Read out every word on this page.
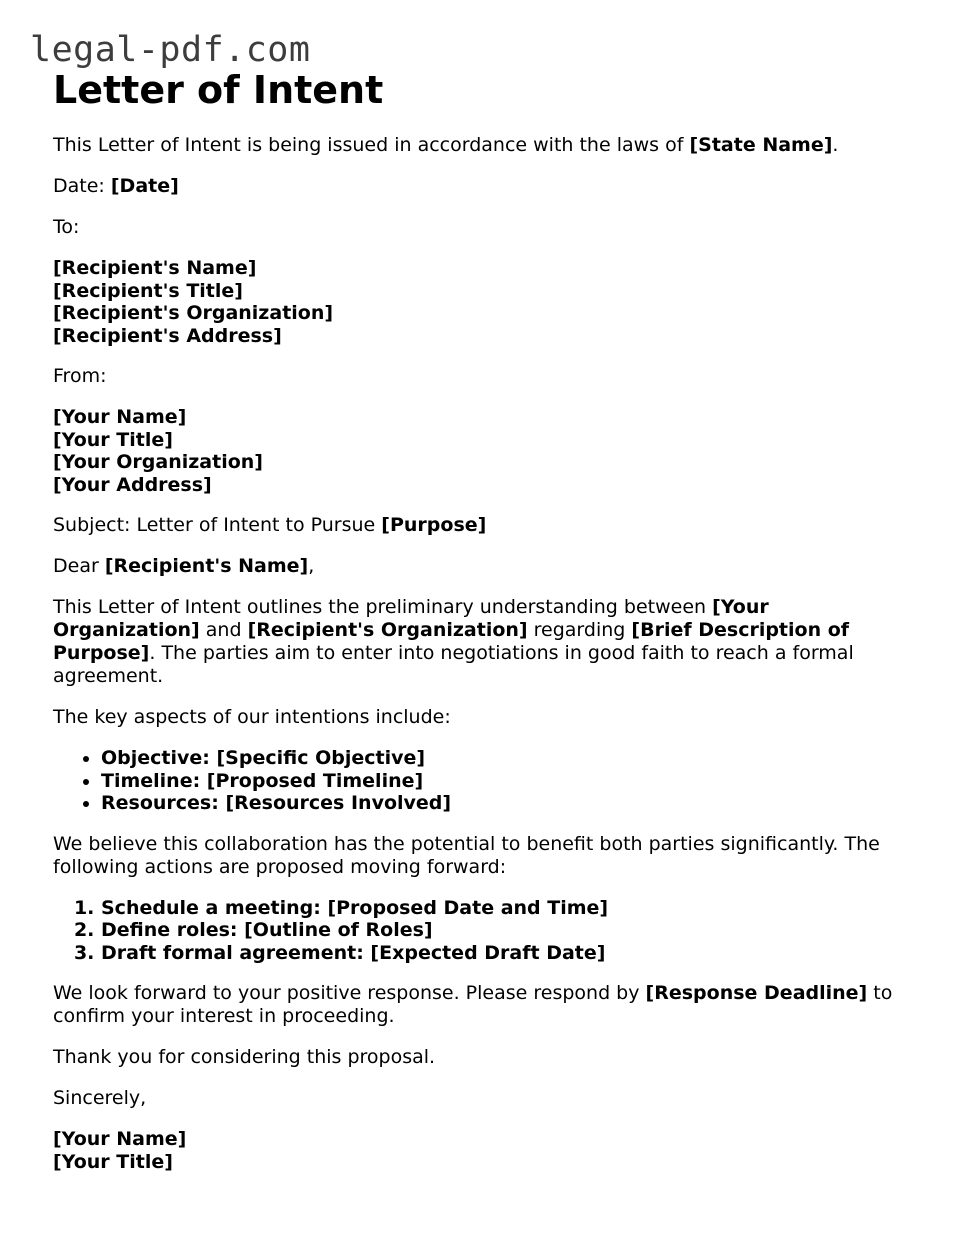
legal-pdf.com
Letter of Intent

This Letter of Intent is being issued in accordance with the laws of [State Name].

Date: [Date]

To:

[Recipient's Name]
[Recipient's Title]
[Recipient's Organization]
[Recipient's Address]

From:

[Your Name]
[Your Title]
[Your Organization]
[Your Address]

Subject: Letter of Intent to Pursue [Purpose]

Dear [Recipient's Name],

This Letter of Intent outlines the preliminary understanding between [Your Organization] and [Recipient's Organization] regarding [Brief Description of Purpose]. The parties aim to enter into negotiations in good faith to reach a formal agreement.

The key aspects of our intentions include:

• Objective: [Specific Objective]
• Timeline: [Proposed Timeline]
• Resources: [Resources Involved]

We believe this collaboration has the potential to benefit both parties significantly. The following actions are proposed moving forward:

1. Schedule a meeting: [Proposed Date and Time]
2. Define roles: [Outline of Roles]
3. Draft formal agreement: [Expected Draft Date]

We look forward to your positive response. Please respond by [Response Deadline] to confirm your interest in proceeding.

Thank you for considering this proposal.

Sincerely,

[Your Name]
[Your Title]
